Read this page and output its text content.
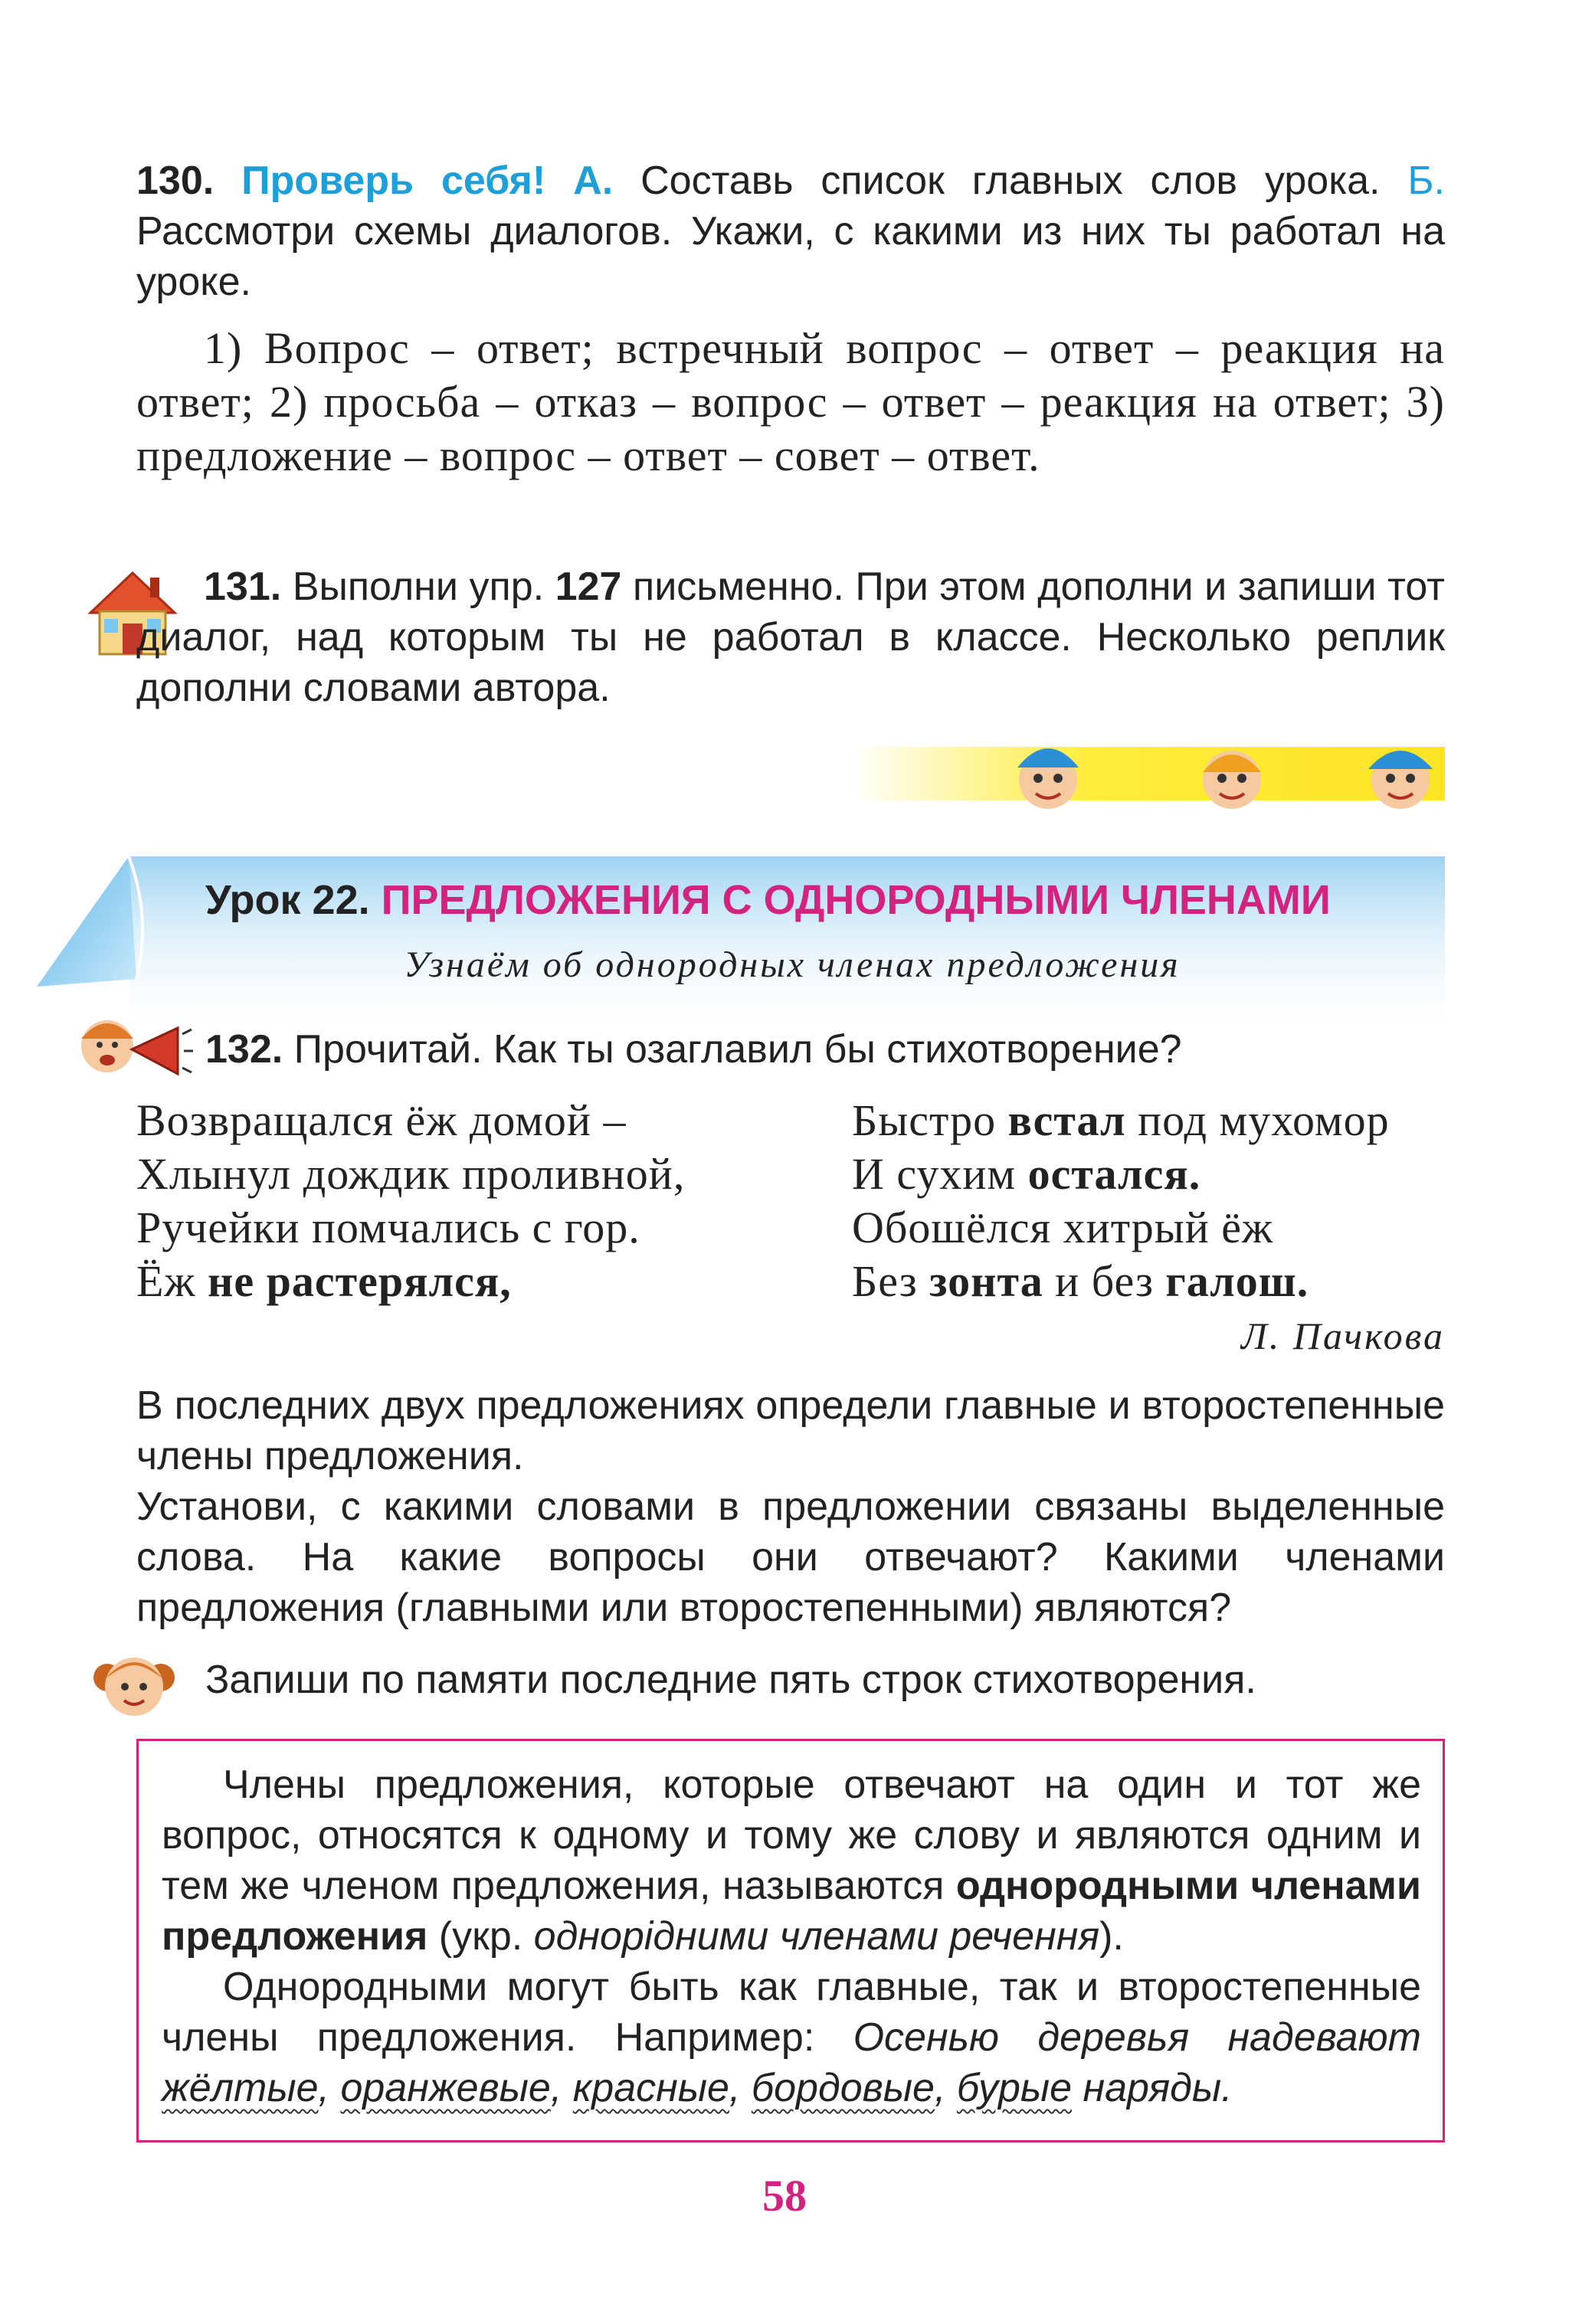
130. Проверь себя! А. Составь список главных слов урока. Б. Рассмотри схемы диалогов. Укажи, с какими из них ты работал на уроке.
1) Вопрос – ответ; встречный вопрос – ответ – реакция на ответ; 2) просьба – отказ – вопрос – ответ – реакция на ответ; 3) предложение – вопрос – ответ – совет – ответ.
131. Выполни упр. 127 письменно. При этом дополни и запиши тот диалог, над которым ты не работал в классе. Несколько реплик дополни словами автора.
Урок 22. ПРЕДЛОЖЕНИЯ С ОДНОРОДНЫМИ ЧЛЕНАМИ
Узнаём об однородных членах предложения
132. Прочитай. Как ты озаглавил бы стихотворение?
Возвращался ёж домой –
Хлынул дождик проливной,
Ручейки помчались с гор.
Ёж не растерялся,
Быстро встал под мухомор
И сухим остался.
Обошёлся хитрый ёж
Без зонта и без галош.
Л. Пачкова
В последних двух предложениях определи главные и второстепенные члены предложения.
Установи, с какими словами в предложении связаны выделенные слова. На какие вопросы они отвечают? Какими членами предложения (главными или второстепенными) являются?
Запиши по памяти последние пять строк стихотворения.
Члены предложения, которые отвечают на один и тот же вопрос, относятся к одному и тому же слову и являются одним и тем же членом предложения, называются однородными членами предложения (укр. однорідними членами речення).
Однородными могут быть как главные, так и второстепенные члены предложения. Например: Осенью деревья надевают жёлтые, оранжевые, красные, бордовые, бурые наряды.
58
